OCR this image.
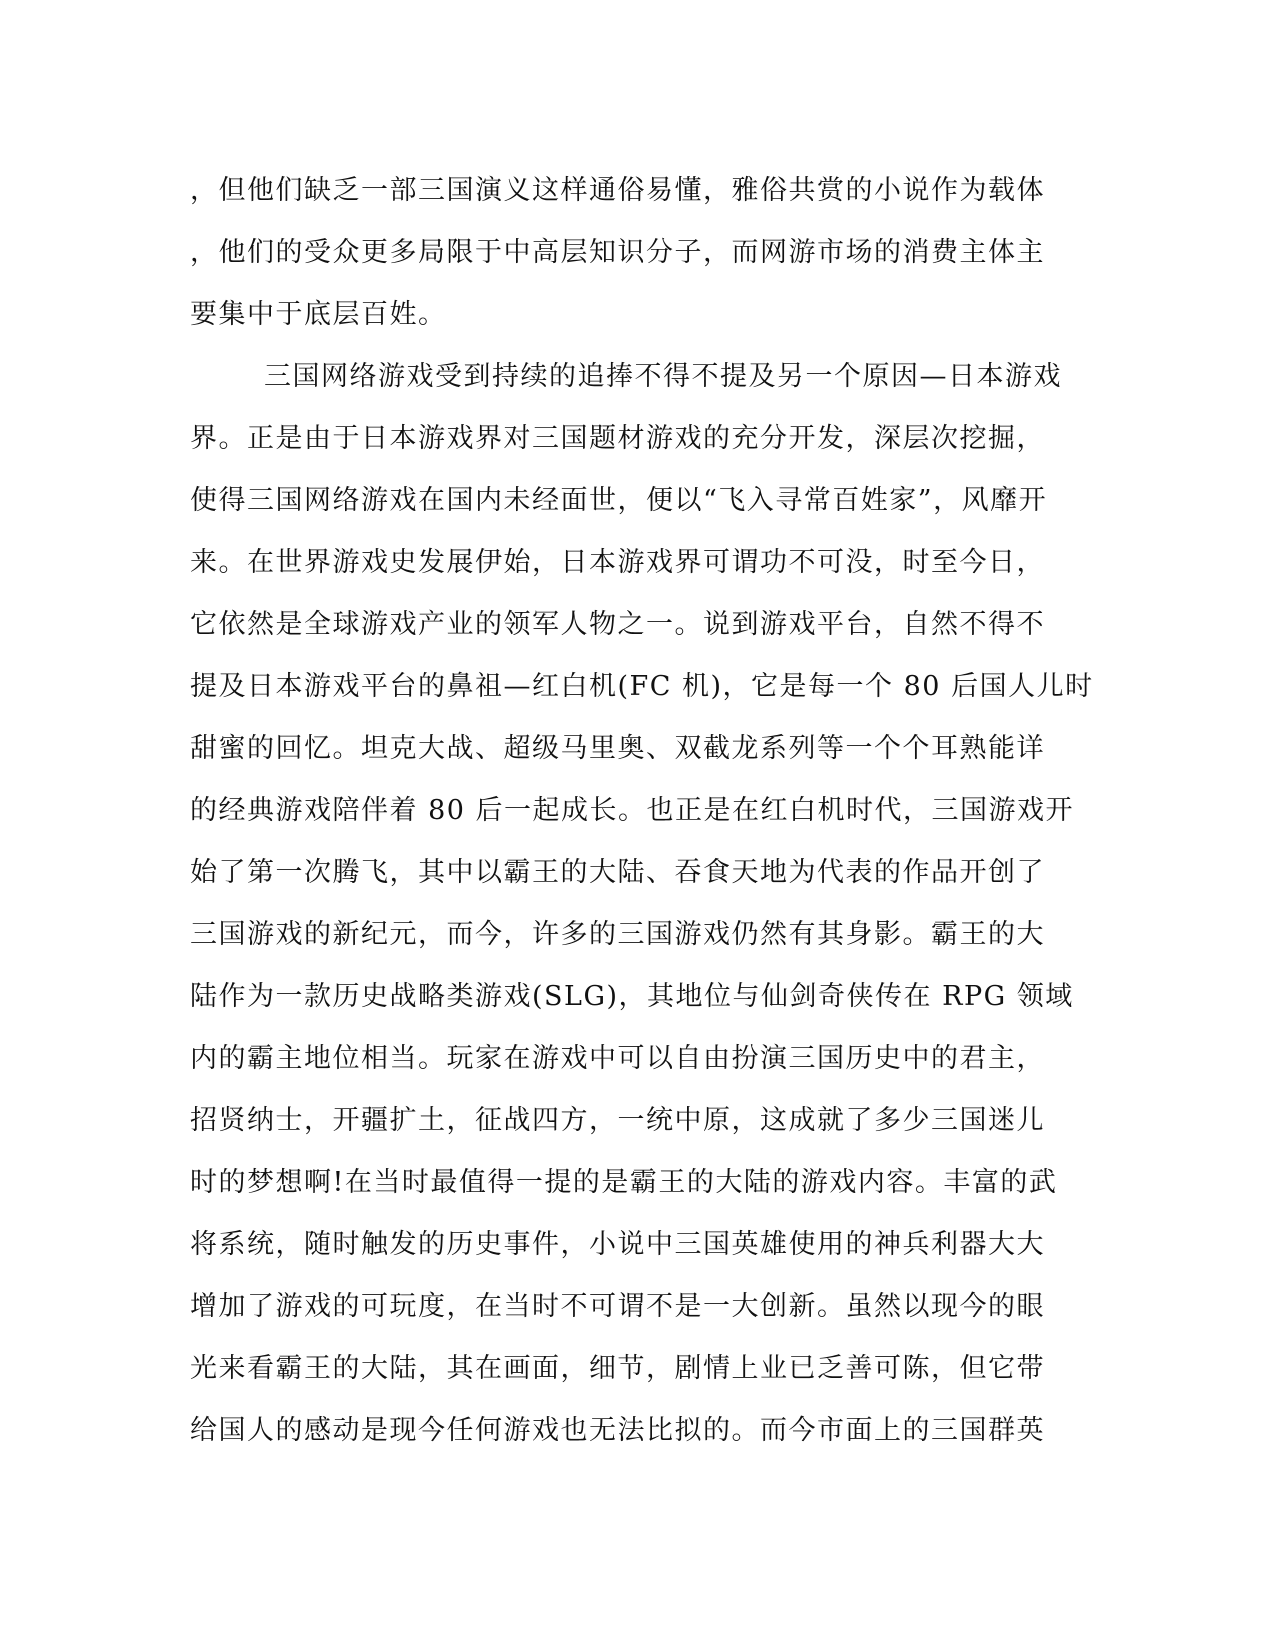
，但他们缺乏一部三国演义这样通俗易懂，雅俗共赏的小说作为载体

，他们的受众更多局限于中高层知识分子，而网游市场的消费主体主

要集中于底层百姓。

三国网络游戏受到持续的追捧不得不提及另一个原因—日本游戏

界。正是由于日本游戏界对三国题材游戏的充分开发，深层次挖掘，

使得三国网络游戏在国内未经面世，便以“飞入寻常百姓家”，风靡开

来。在世界游戏史发展伊始，日本游戏界可谓功不可没，时至今日，

它依然是全球游戏产业的领军人物之一。说到游戏平台，自然不得不

提及日本游戏平台的鼻祖—红白机(FC 机)，它是每一个 80 后国人儿时

甜蜜的回忆。坦克大战、超级马里奥、双截龙系列等一个个耳熟能详

的经典游戏陪伴着 80 后一起成长。也正是在红白机时代，三国游戏开

始了第一次腾飞，其中以霸王的大陆、吞食天地为代表的作品开创了

三国游戏的新纪元，而今，许多的三国游戏仍然有其身影。霸王的大

陆作为一款历史战略类游戏(SLG)，其地位与仙剑奇侠传在 RPG 领域

内的霸主地位相当。玩家在游戏中可以自由扮演三国历史中的君主，

招贤纳士，开疆扩土，征战四方，一统中原，这成就了多少三国迷儿

时的梦想啊!在当时最值得一提的是霸王的大陆的游戏内容。丰富的武

将系统，随时触发的历史事件，小说中三国英雄使用的神兵利器大大

增加了游戏的可玩度，在当时不可谓不是一大创新。虽然以现今的眼

光来看霸王的大陆，其在画面，细节，剧情上业已乏善可陈，但它带

给国人的感动是现今任何游戏也无法比拟的。而今市面上的三国群英
